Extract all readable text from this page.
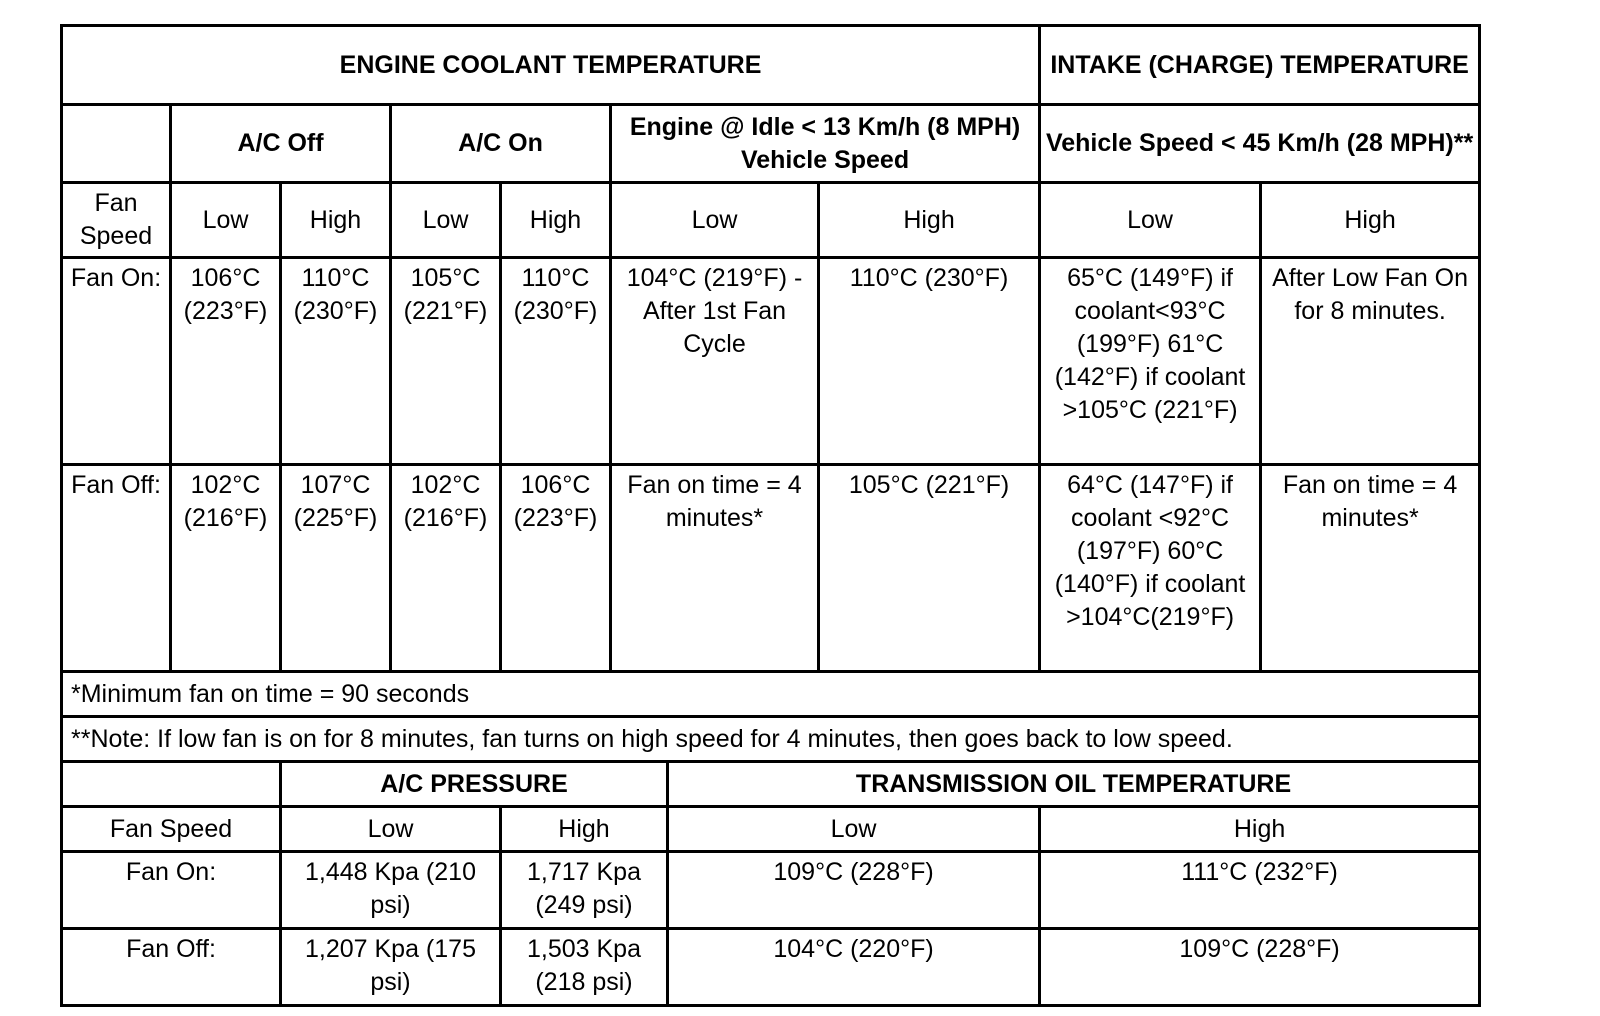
ENGINE COOLANT TEMPERATURE								INTAKE (CHARGE) TEMPERATURE	
	A/C Off		A/C On		Engine @ Idle < 13 Km/h (8 MPH) Vehicle Speed			Vehicle Speed < 45 Km/h (28 MPH)**	
Fan Speed	Low	High	Low	High	Low		High	Low	High
Fan On:	106°C (223°F)	110°C (230°F)	105°C (221°F)	110°C (230°F)	104°C (219°F) - After 1st Fan Cycle		110°C (230°F)	65°C (149°F) if coolant<93°C (199°F) 61°C (142°F) if coolant >105°C (221°F)	After Low Fan On for 8 minutes.
Fan Off:	102°C (216°F)	107°C (225°F)	102°C (216°F)	106°C (223°F)	Fan on time = 4 minutes*		105°C (221°F)	64°C (147°F) if coolant <92°C (197°F) 60°C (140°F) if coolant >104°C(219°F)	Fan on time = 4 minutes*
*Minimum fan on time = 90 seconds									
**Note: If low fan is on for 8 minutes, fan turns on high speed for 4 minutes, then goes back to low speed.									
		A/C PRESSURE				TRANSMISSION OIL TEMPERATURE			
Fan Speed		Low		High		Low		High	
Fan On:		1,448 Kpa (210 psi)		1,717 Kpa (249 psi)		109°C (228°F)		111°C (232°F)	
Fan Off:		1,207 Kpa (175 psi)		1,503 Kpa (218 psi)		104°C (220°F)		109°C (228°F)	
